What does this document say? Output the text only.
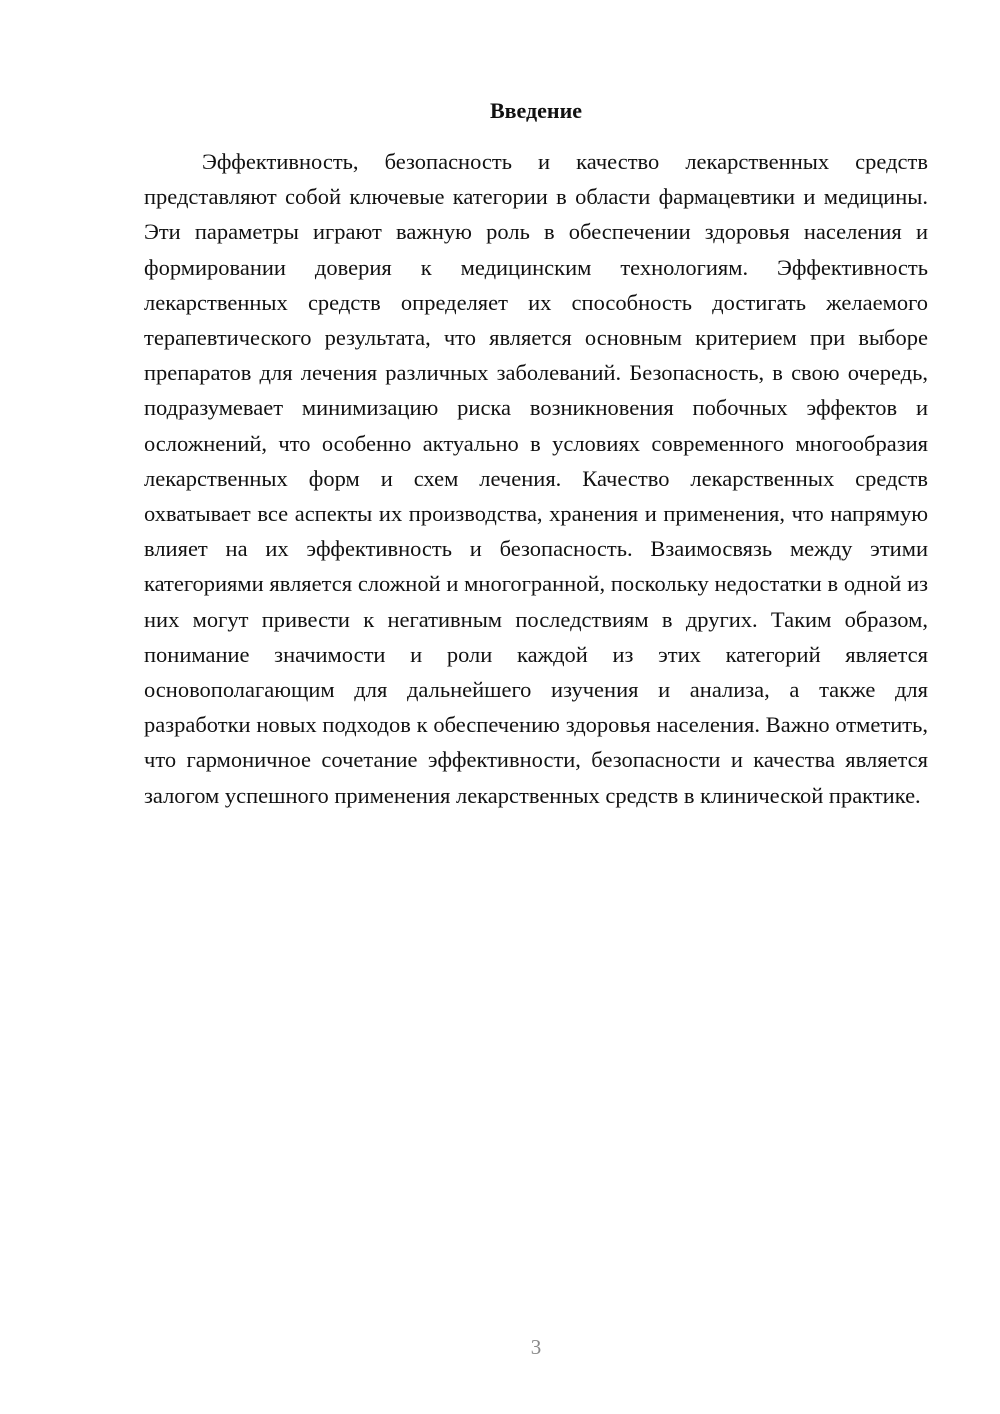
Введение

Эффективность, безопасность и качество лекарственных средств представляют собой ключевые категории в области фармацевтики и медицины. Эти параметры играют важную роль в обеспечении здоровья населения и формировании доверия к медицинским технологиям. Эффективность лекарственных средств определяет их способность достигать желаемого терапевтического результата, что является основным критерием при выборе препаратов для лечения различных заболеваний. Безопасность, в свою очередь, подразумевает минимизацию риска возникновения побочных эффектов и осложнений, что особенно актуально в условиях современного многообразия лекарственных форм и схем лечения. Качество лекарственных средств охватывает все аспекты их производства, хранения и применения, что напрямую влияет на их эффективность и безопасность. Взаимосвязь между этими категориями является сложной и многогранной, поскольку недостатки в одной из них могут привести к негативным последствиям в других. Таким образом, понимание значимости и роли каждой из этих категорий является основополагающим для дальнейшего изучения и анализа, а также для разработки новых подходов к обеспечению здоровья населения. Важно отметить, что гармоничное сочетание эффективности, безопасности и качества является залогом успешного применения лекарственных средств в клинической практике.

3
